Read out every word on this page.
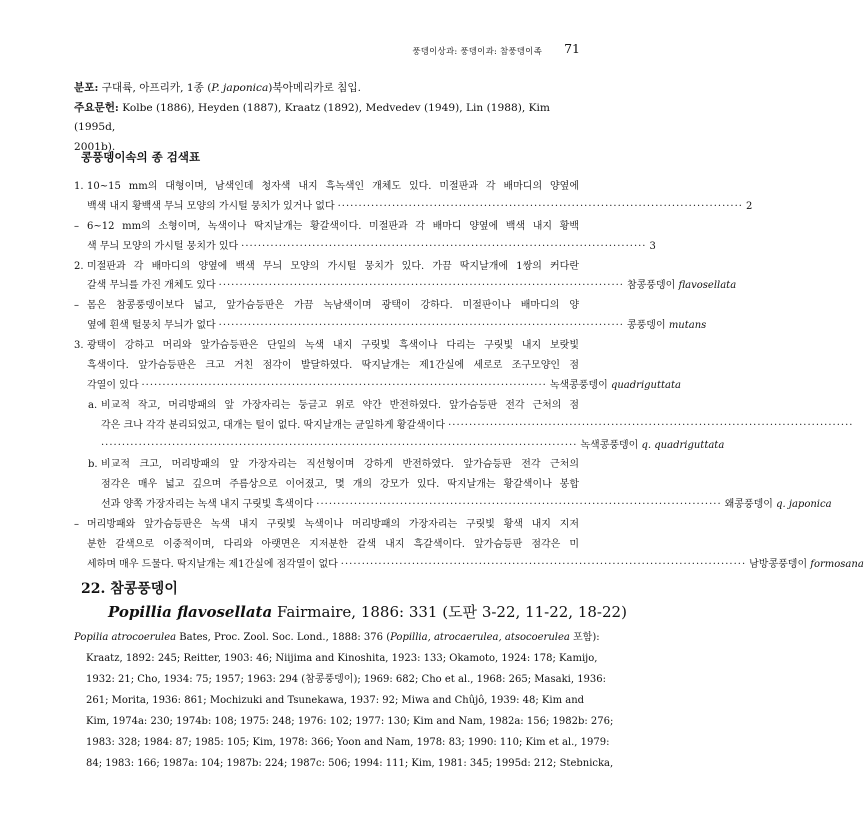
풍뎅이상과: 풍뎅이과: 참풍뎅이족 71

분포: 구대륙, 아프리카, 1종 (P. japonica)북아메리카로 침입.

주요문헌: Kolbe (1886), Heyden (1887), Kraatz (1892), Medvedev (1949), Lin (1988), Kim (1995d,
2001b).

콩풍뎅이속의 종 검색표
1. 10~15 mm의 대형이며, 남색인데 청자색 내지 흑녹색인 개체도 있다. 미절판과 각 배마디의 양옆에
백색 내지 황백색 무늬 모양의 가시털 뭉치가 있거나 없다 ································································································· 2
– 6~12 mm의 소형이며, 녹색이나 딱지날개는 황갈색이다. 미절판과 각 배마디 양옆에 백색 내지 황백
색 무늬 모양의 가시털 뭉치가 있다 ································································································· 3
2. 미절판과 각 배마디의 양옆에 백색 무늬 모양의 가시털 뭉치가 있다. 가끔 딱지날개에 1쌍의 커다란
갈색 무늬를 가진 개체도 있다 ································································································· 참콩풍뎅이 flavosellata
– 몸은 참콩풍뎅이보다 넓고, 앞가슴등판은 가끔 녹남색이며 광택이 강하다. 미절판이나 배마디의 양
옆에 흰색 털뭉치 무늬가 없다 ································································································· 콩풍뎅이 mutans
3. 광택이 강하고 머리와 앞가슴등판은 단일의 녹색 내지 구릿빛 흑색이나 다리는 구릿빛 내지 보랏빛
흑색이다. 앞가슴등판은 크고 거친 점각이 발달하였다. 딱지날개는 제1간실에 세로로 조구모양인 점
각열이 있다 ································································································· 녹색콩풍뎅이 quadriguttata
a. 비교적 작고, 머리방패의 앞 가장자리는 둥글고 위로 약간 반전하였다. 앞가슴등판 전각 근처의 점
각은 크나 각각 분리되었고, 대개는 털이 없다. 딱지날개는 균일하게 황갈색이다 ·································································································
·················································································································· 녹색콩풍뎅이 q. quadriguttata
b. 비교적 크고, 머리방패의 앞 가장자리는 직선형이며 강하게 반전하였다. 앞가슴등판 전각 근처의
점각은 매우 넓고 깊으며 주름상으로 이어졌고, 몇 개의 강모가 있다. 딱지날개는 황갈색이나 봉합
선과 양쪽 가장자리는 녹색 내지 구릿빛 흑색이다 ································································································· 왜콩풍뎅이 q. japonica
– 머리방패와 앞가슴등판은 녹색 내지 구릿빛 녹색이나 머리방패의 가장자리는 구릿빛 황색 내지 지저
분한 갈색으로 이중적이며, 다리와 아랫면은 지저분한 갈색 내지 흑갈색이다. 앞가슴등판 점각은 미
세하며 매우 드물다. 딱지날개는 제1간실에 점각열이 없다 ································································································· 남방콩풍뎅이 formosana
22. 참콩풍뎅이
Popillia flavosellata Fairmaire, 1886: 331 (도판 3-22, 11-22, 18-22)
Popilia atrocoerulea Bates, Proc. Zool. Soc. Lond., 1888: 376 (Popillia, atrocaerulea, atsocoerulea 포함):
Kraatz, 1892: 245; Reitter, 1903: 46; Niijima and Kinoshita, 1923: 133; Okamoto, 1924: 178; Kamijo,
1932: 21; Cho, 1934: 75; 1957; 1963: 294 (참콩풍뎅이); 1969: 682; Cho et al., 1968: 265; Masaki, 1936:
261; Morita, 1936: 861; Mochizuki and Tsunekawa, 1937: 92; Miwa and Chûjô, 1939: 48; Kim and
Kim, 1974a: 230; 1974b: 108; 1975: 248; 1976: 102; 1977: 130; Kim and Nam, 1982a: 156; 1982b: 276;
1983: 328; 1984: 87; 1985: 105; Kim, 1978: 366; Yoon and Nam, 1978: 83; 1990: 110; Kim et al., 1979:
84; 1983: 166; 1987a: 104; 1987b: 224; 1987c: 506; 1994: 111; Kim, 1981: 345; 1995d: 212; Stebnicka,
